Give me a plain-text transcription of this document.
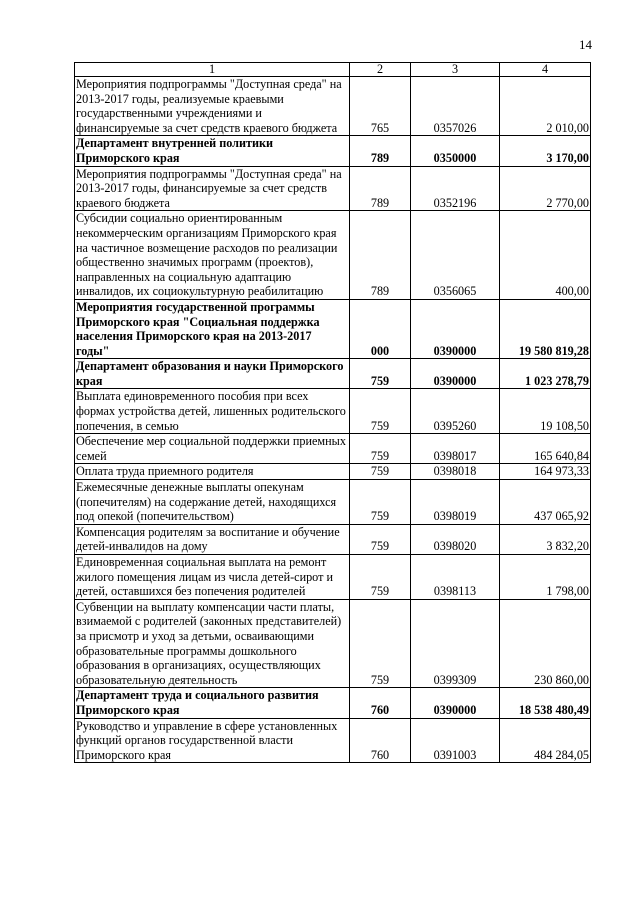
14
1	2	3	4
Мероприятия подпрограммы "Доступная среда" на 2013-2017 годы, реализуемые краевыми государственными учреждениями и финансируемые за счет средств краевого бюджета	765	0357026	2 010,00
Департамент внутренней политики Приморского края	789	0350000	3 170,00
Мероприятия подпрограммы "Доступная среда" на 2013-2017 годы, финансируемые за счет средств краевого бюджета	789	0352196	2 770,00
Субсидии социально ориентированным некоммерческим организациям Приморского края на частичное возмещение расходов по реализации общественно значимых программ (проектов), направленных на социальную адаптацию инвалидов, их социокультурную реабилитацию	789	0356065	400,00
Мероприятия государственной программы Приморского края "Социальная поддержка населения Приморского края на 2013-2017 годы"	000	0390000	19 580 819,28
Департамент образования и науки Приморского края	759	0390000	1 023 278,79
Выплата единовременного пособия при всех формах устройства детей, лишенных родительского попечения, в семью	759	0395260	19 108,50
Обеспечение мер социальной поддержки приемных семей	759	0398017	165 640,84
Оплата труда приемного родителя	759	0398018	164 973,33
Ежемесячные денежные выплаты опекунам (попечителям) на содержание детей, находящихся под опекой (попечительством)	759	0398019	437 065,92
Компенсация родителям за воспитание и обучение детей-инвалидов на дому	759	0398020	3 832,20
Единовременная социальная выплата на ремонт жилого помещения лицам из числа детей-сирот и детей, оставшихся без попечения родителей	759	0398113	1 798,00
Субвенции на выплату компенсации части платы, взимаемой с родителей (законных представителей) за присмотр и уход за детьми, осваивающими образовательные программы дошкольного образования в организациях, осуществляющих образовательную деятельность	759	0399309	230 860,00
Департамент труда и социального развития Приморского края	760	0390000	18 538 480,49
Руководство и управление в сфере установленных функций органов государственной власти Приморского края	760	0391003	484 284,05
